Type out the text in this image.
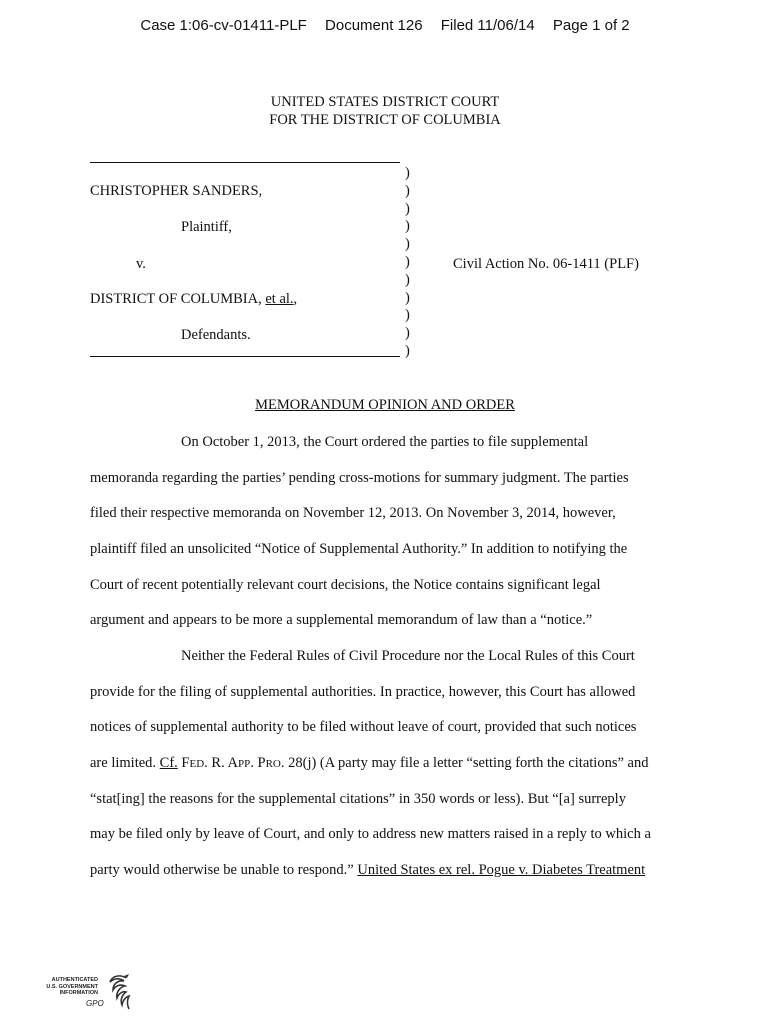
Case 1:06-cv-01411-PLF Document 126 Filed 11/06/14 Page 1 of 2
UNITED STATES DISTRICT COURT
FOR THE DISTRICT OF COLUMBIA
)
)
)
)
)
)
)
)
)
)
)
CHRISTOPHER SANDERS,
Plaintiff,
v.
DISTRICT OF COLUMBIA, et al.,
Defendants.
Civil Action No. 06-1411 (PLF)
MEMORANDUM OPINION AND ORDER
On October 1, 2013, the Court ordered the parties to file supplemental
memoranda regarding the parties’ pending cross-motions for summary judgment. The parties
filed their respective memoranda on November 12, 2013. On November 3, 2014, however,
plaintiff filed an unsolicited “Notice of Supplemental Authority.” In addition to notifying the
Court of recent potentially relevant court decisions, the Notice contains significant legal
argument and appears to be more a supplemental memorandum of law than a “notice.”
Neither the Federal Rules of Civil Procedure nor the Local Rules of this Court
provide for the filing of supplemental authorities. In practice, however, this Court has allowed
notices of supplemental authority to be filed without leave of court, provided that such notices
are limited. Cf. FED. R. APP. PRO. 28(j) (A party may file a letter “setting forth the citations” and
“stat[ing] the reasons for the supplemental citations” in 350 words or less). But “[a] surreply
may be filed only by leave of Court, and only to address new matters raised in a reply to which a
party would otherwise be unable to respond.” United States ex rel. Pogue v. Diabetes Treatment
AUTHENTICATED
U.S. GOVERNMENT
INFORMATION
GPO
